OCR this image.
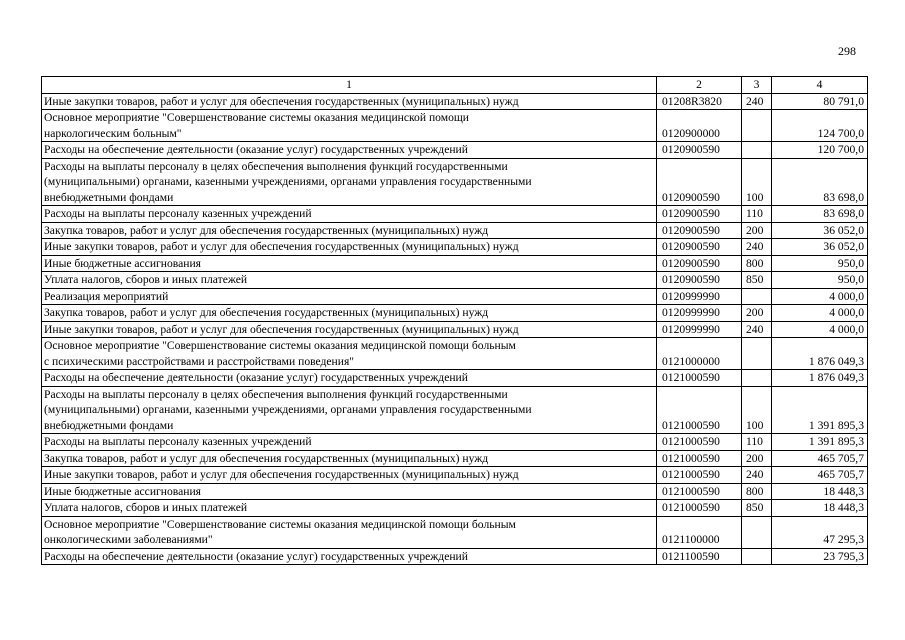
298
1	2	3	4

Иные закупки товаров, работ и услуг для обеспечения государственных (муниципальных) нужд	01208R3820	240	80 791,0

Основное мероприятие "Совершенствование системы оказания медицинской помощи
наркологическим больным"	0120900000		124 700,0

Расходы на обеспечение деятельности (оказание услуг) государственных учреждений	0120900590		120 700,0

Расходы на выплаты персоналу в целях обеспечения выполнения функций государственными
(муниципальными) органами, казенными учреждениями, органами управления государственными
внебюджетными фондами	0120900590	100	83 698,0

Расходы на выплаты персоналу казенных учреждений	0120900590	110	83 698,0

Закупка товаров, работ и услуг для обеспечения государственных (муниципальных) нужд	0120900590	200	36 052,0

Иные закупки товаров, работ и услуг для обеспечения государственных (муниципальных) нужд	0120900590	240	36 052,0

Иные бюджетные ассигнования	0120900590	800	950,0

Уплата налогов, сборов и иных платежей	0120900590	850	950,0

Реализация мероприятий	0120999990		4 000,0

Закупка товаров, работ и услуг для обеспечения государственных (муниципальных) нужд	0120999990	200	4 000,0

Иные закупки товаров, работ и услуг для обеспечения государственных (муниципальных) нужд	0120999990	240	4 000,0

Основное мероприятие "Совершенствование системы оказания медицинской помощи больным
с психическими расстройствами и расстройствами поведения"	0121000000		1 876 049,3

Расходы на обеспечение деятельности (оказание услуг) государственных учреждений	0121000590		1 876 049,3

Расходы на выплаты персоналу в целях обеспечения выполнения функций государственными
(муниципальными) органами, казенными учреждениями, органами управления государственными
внебюджетными фондами	0121000590	100	1 391 895,3

Расходы на выплаты персоналу казенных учреждений	0121000590	110	1 391 895,3

Закупка товаров, работ и услуг для обеспечения государственных (муниципальных) нужд	0121000590	200	465 705,7

Иные закупки товаров, работ и услуг для обеспечения государственных (муниципальных) нужд	0121000590	240	465 705,7

Иные бюджетные ассигнования	0121000590	800	18 448,3

Уплата налогов, сборов и иных платежей	0121000590	850	18 448,3

Основное мероприятие "Совершенствование системы оказания медицинской помощи больным
онкологическими заболеваниями"	0121100000		47 295,3

Расходы на обеспечение деятельности (оказание услуг) государственных учреждений	0121100590		23 795,3
